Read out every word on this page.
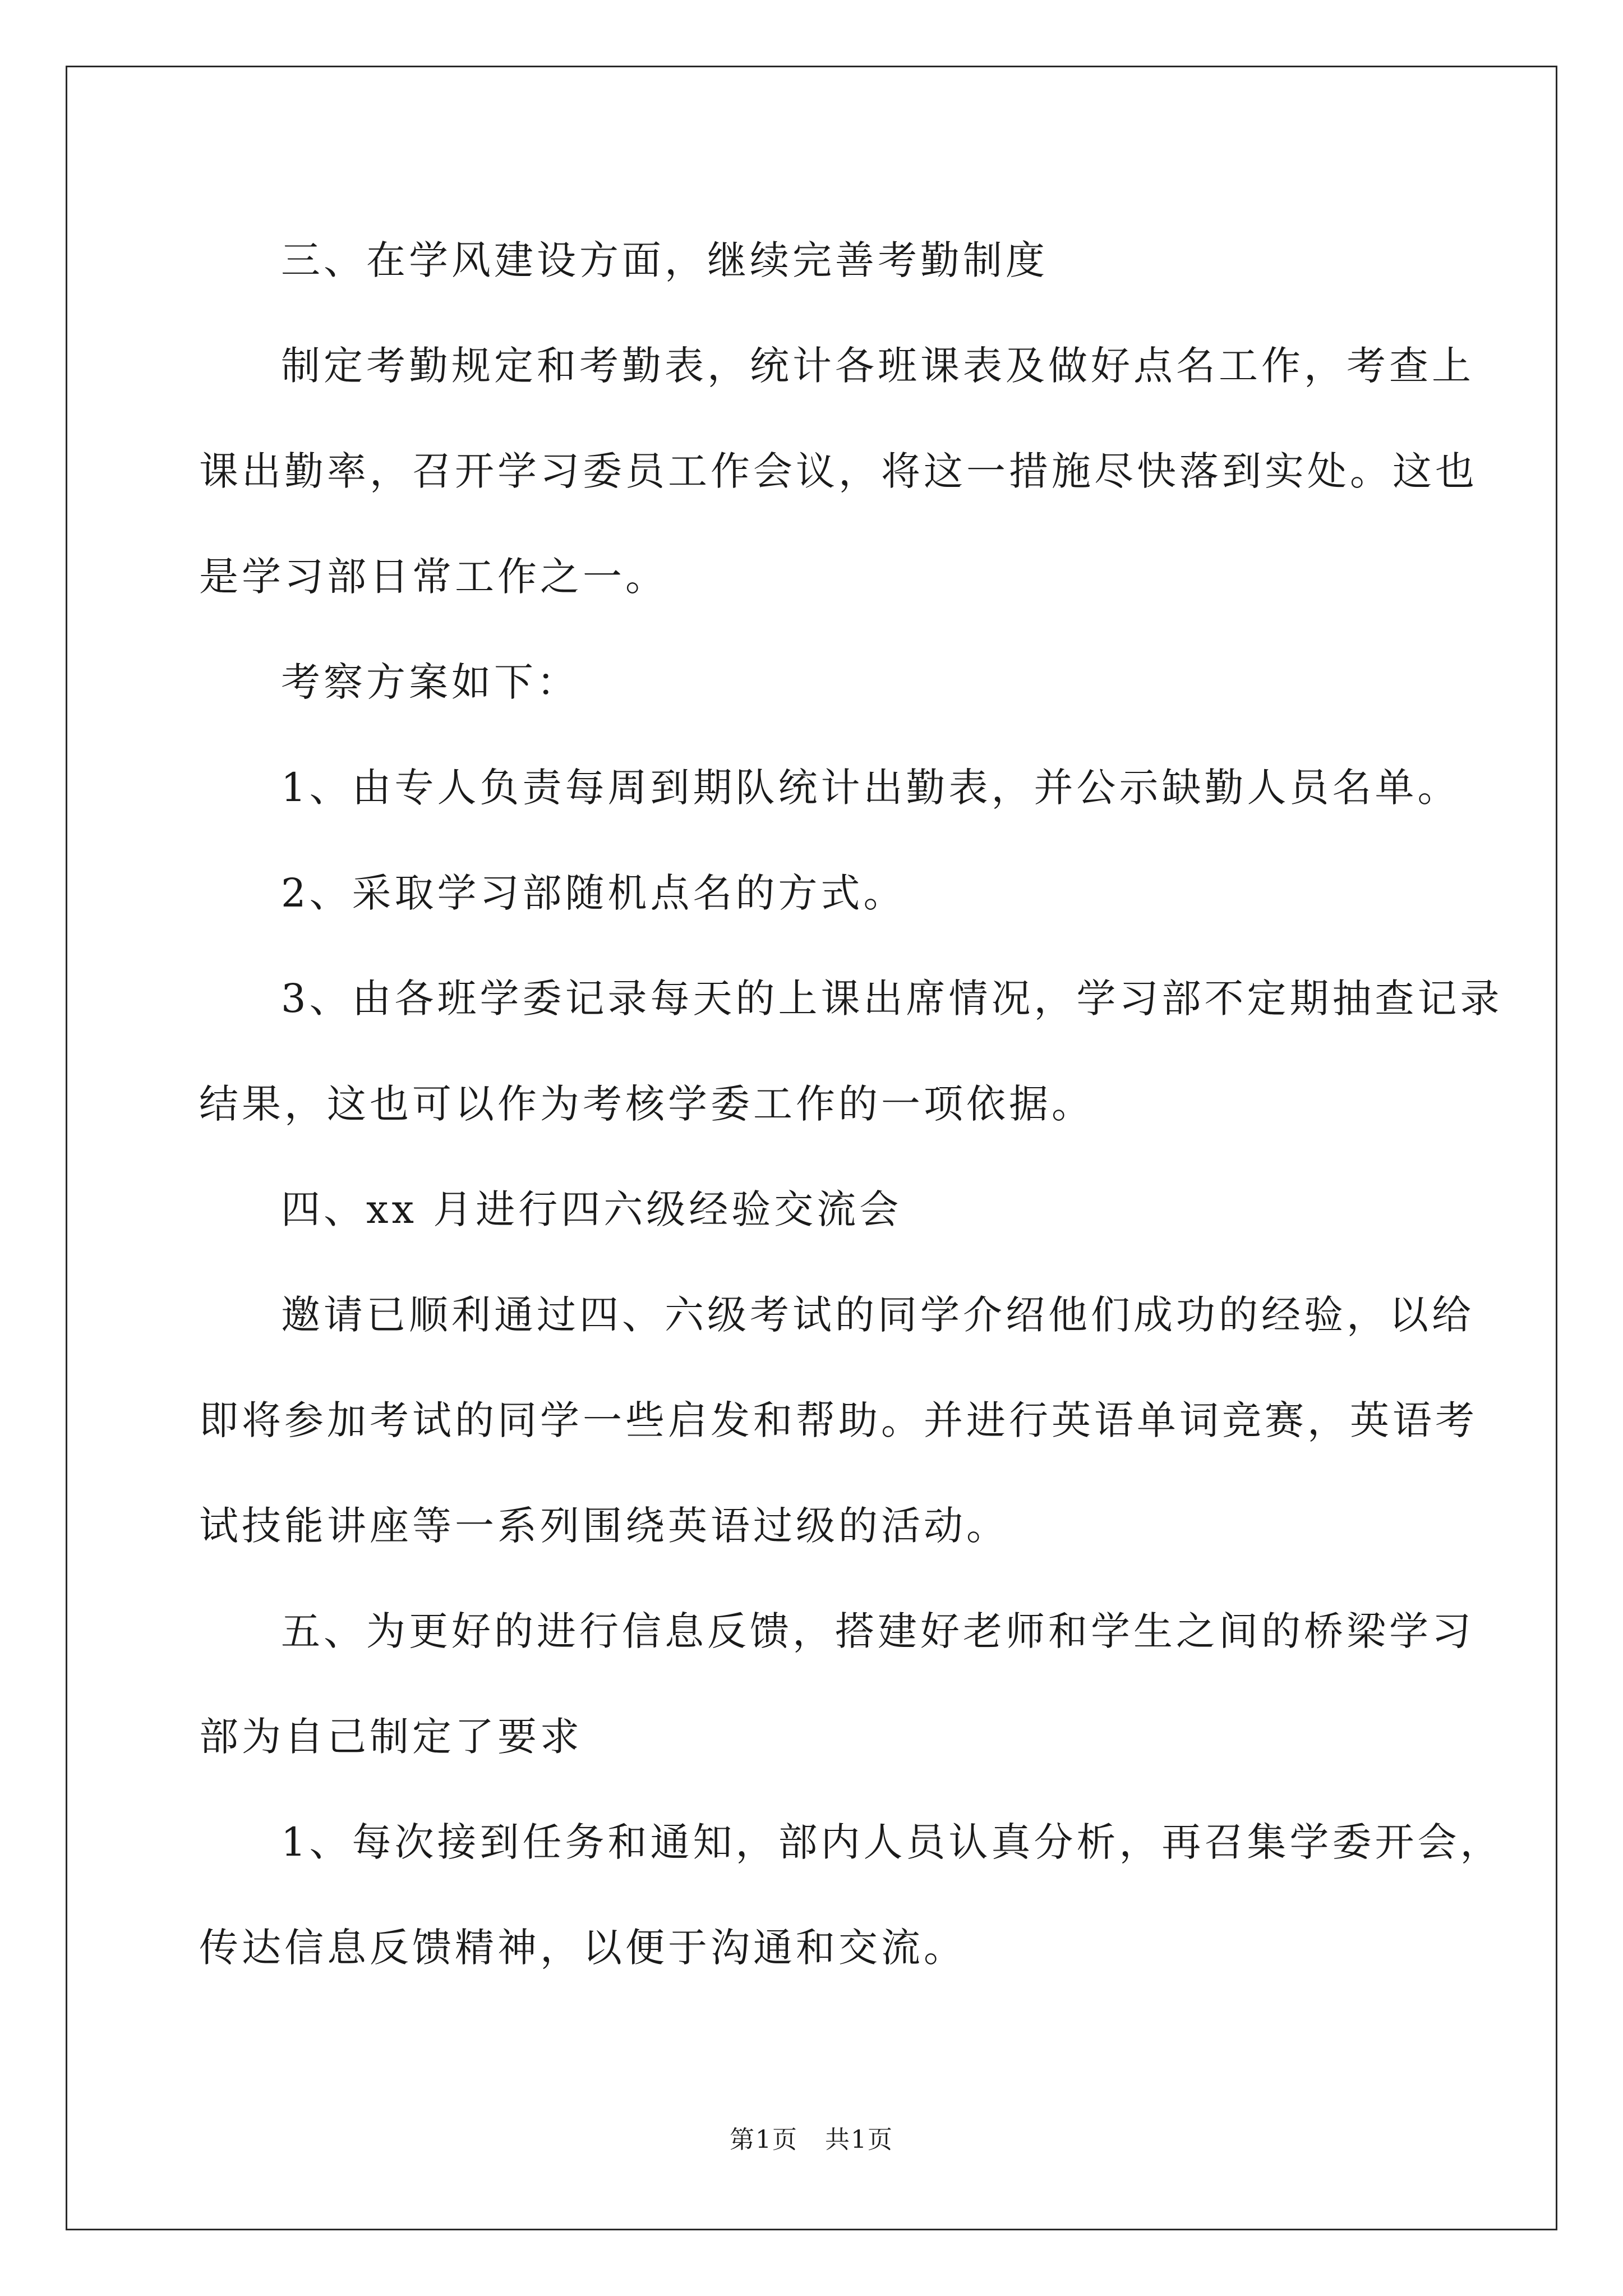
三、在学风建设方面，继续完善考勤制度

制定考勤规定和考勤表，统计各班课表及做好点名工作，考查上

课出勤率，召开学习委员工作会议，将这一措施尽快落到实处。这也

是学习部日常工作之一。

考察方案如下：

1、由专人负责每周到期队统计出勤表，并公示缺勤人员名单。

2、采取学习部随机点名的方式。

3、由各班学委记录每天的上课出席情况，学习部不定期抽查记录

结果，这也可以作为考核学委工作的一项依据。

四、xx 月进行四六级经验交流会

邀请已顺利通过四、六级考试的同学介绍他们成功的经验，以给

即将参加考试的同学一些启发和帮助。并进行英语单词竞赛，英语考

试技能讲座等一系列围绕英语过级的活动。

五、为更好的进行信息反馈，搭建好老师和学生之间的桥梁学习

部为自己制定了要求

1、每次接到任务和通知，部内人员认真分析，再召集学委开会，

传达信息反馈精神，以便于沟通和交流。

第1页   共1页
